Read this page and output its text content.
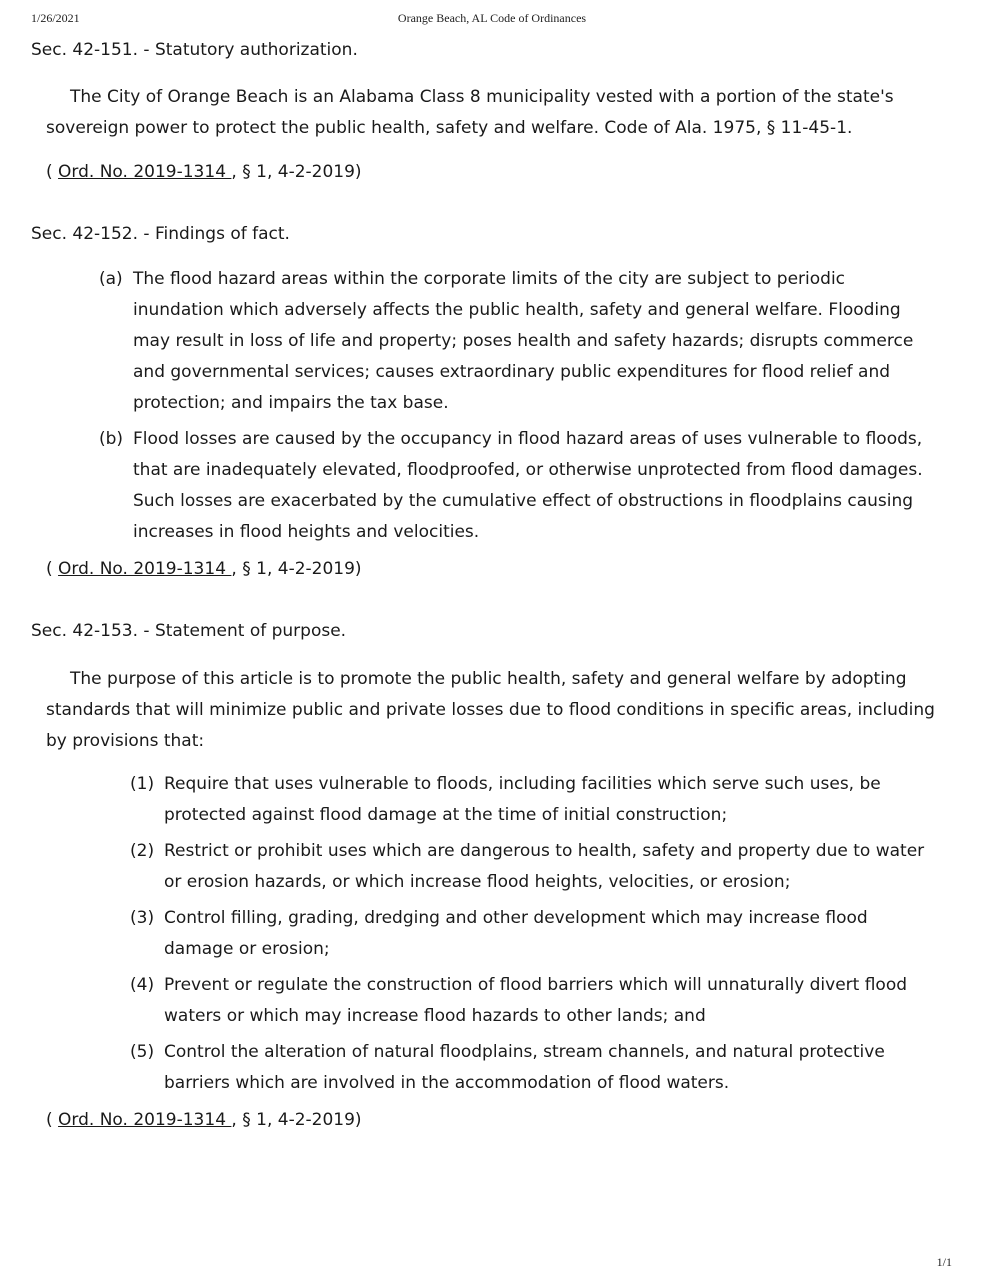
1/26/2021	Orange Beach, AL Code of Ordinances
Sec. 42-151. - Statutory authorization.

The City of Orange Beach is an Alabama Class 8 municipality vested with a portion of the state's sovereign power to protect the public health, safety and welfare. Code of Ala. 1975, § 11-45-1.

( Ord. No. 2019-1314 , § 1, 4-2-2019)

Sec. 42-152. - Findings of fact.
(a) The flood hazard areas within the corporate limits of the city are subject to periodic inundation which adversely affects the public health, safety and general welfare. Flooding may result in loss of life and property; poses health and safety hazards; disrupts commerce and governmental services; causes extraordinary public expenditures for flood relief and protection; and impairs the tax base.
(b) Flood losses are caused by the occupancy in flood hazard areas of uses vulnerable to floods, that are inadequately elevated, floodproofed, or otherwise unprotected from flood damages. Such losses are exacerbated by the cumulative effect of obstructions in floodplains causing increases in flood heights and velocities.

( Ord. No. 2019-1314 , § 1, 4-2-2019)

Sec. 42-153. - Statement of purpose.

The purpose of this article is to promote the public health, safety and general welfare by adopting standards that will minimize public and private losses due to flood conditions in specific areas, including by provisions that:

(1) Require that uses vulnerable to floods, including facilities which serve such uses, be protected against flood damage at the time of initial construction;
(2) Restrict or prohibit uses which are dangerous to health, safety and property due to water or erosion hazards, or which increase flood heights, velocities, or erosion;
(3) Control filling, grading, dredging and other development which may increase flood damage or erosion;
(4) Prevent or regulate the construction of flood barriers which will unnaturally divert flood waters or which may increase flood hazards to other lands; and
(5) Control the alteration of natural floodplains, stream channels, and natural protective barriers which are involved in the accommodation of flood waters.

( Ord. No. 2019-1314 , § 1, 4-2-2019)

1/1
